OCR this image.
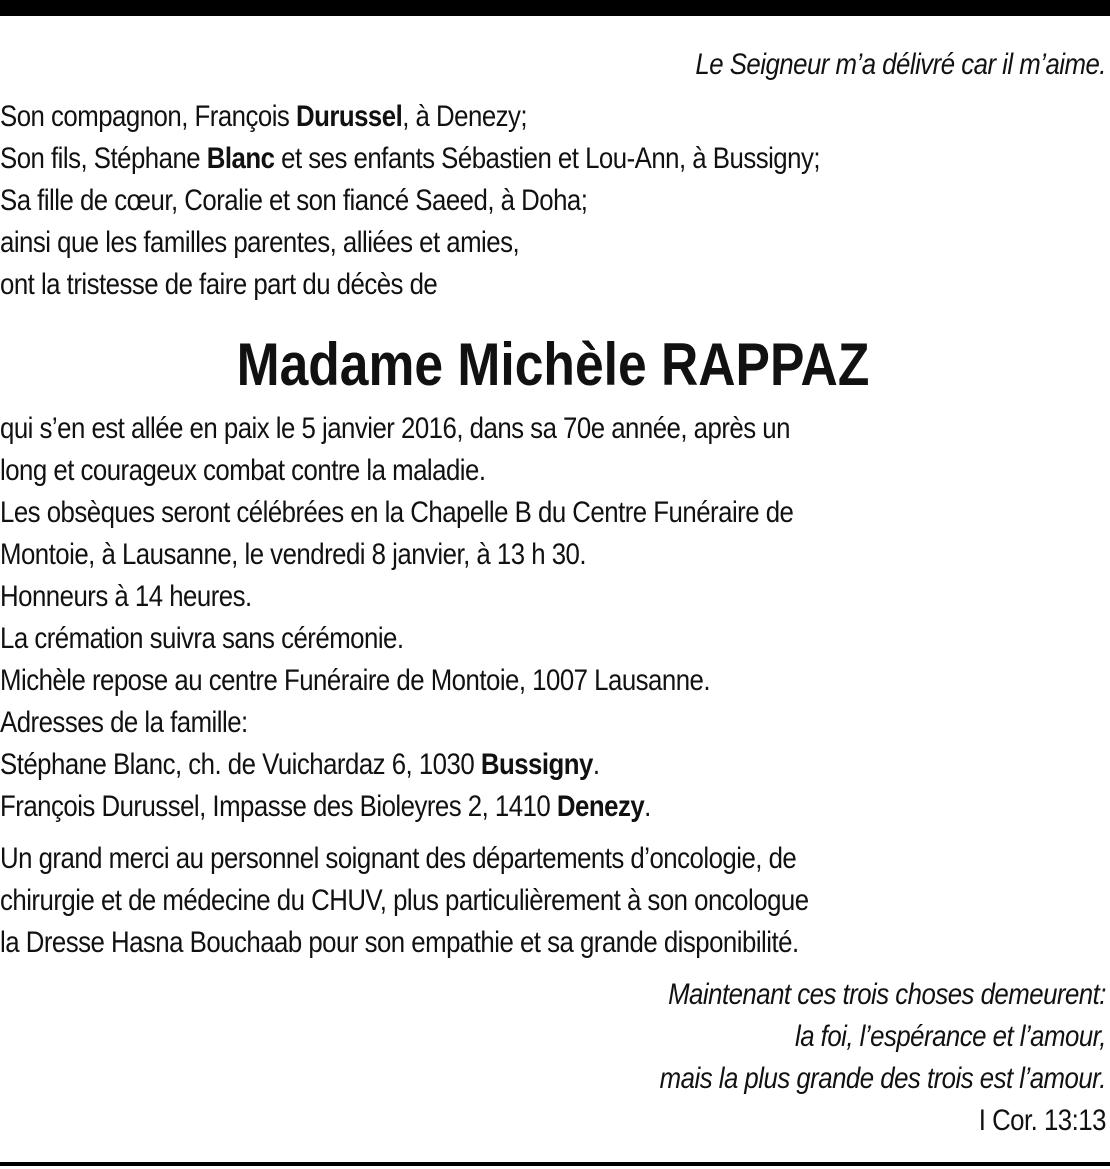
Le Seigneur m’a délivré car il m’aime.
Son compagnon, François Durussel, à Denezy;
Son fils, Stéphane Blanc et ses enfants Sébastien et Lou-Ann, à Bussigny;
Sa fille de cœur, Coralie et son fiancé Saeed, à Doha;
ainsi que les familles parentes, alliées et amies,
ont la tristesse de faire part du décès de
Madame Michèle RAPPAZ
qui s’en est allée en paix le 5 janvier 2016, dans sa 70e année, après un
long et courageux combat contre la maladie.
Les obsèques seront célébrées en la Chapelle B du Centre Funéraire de
Montoie, à Lausanne, le vendredi 8 janvier, à 13 h 30.
Honneurs à 14 heures.
La crémation suivra sans cérémonie.
Michèle repose au centre Funéraire de Montoie, 1007 Lausanne.
Adresses de la famille:
Stéphane Blanc, ch. de Vuichardaz 6, 1030 Bussigny.
François Durussel, Impasse des Bioleyres 2, 1410 Denezy.
Un grand merci au personnel soignant des départements d’oncologie, de
chirurgie et de médecine du CHUV, plus particulièrement à son oncologue
la Dresse Hasna Bouchaab pour son empathie et sa grande disponibilité.
Maintenant ces trois choses demeurent:
la foi, l’espérance et l’amour,
mais la plus grande des trois est l’amour.
I Cor. 13:13
